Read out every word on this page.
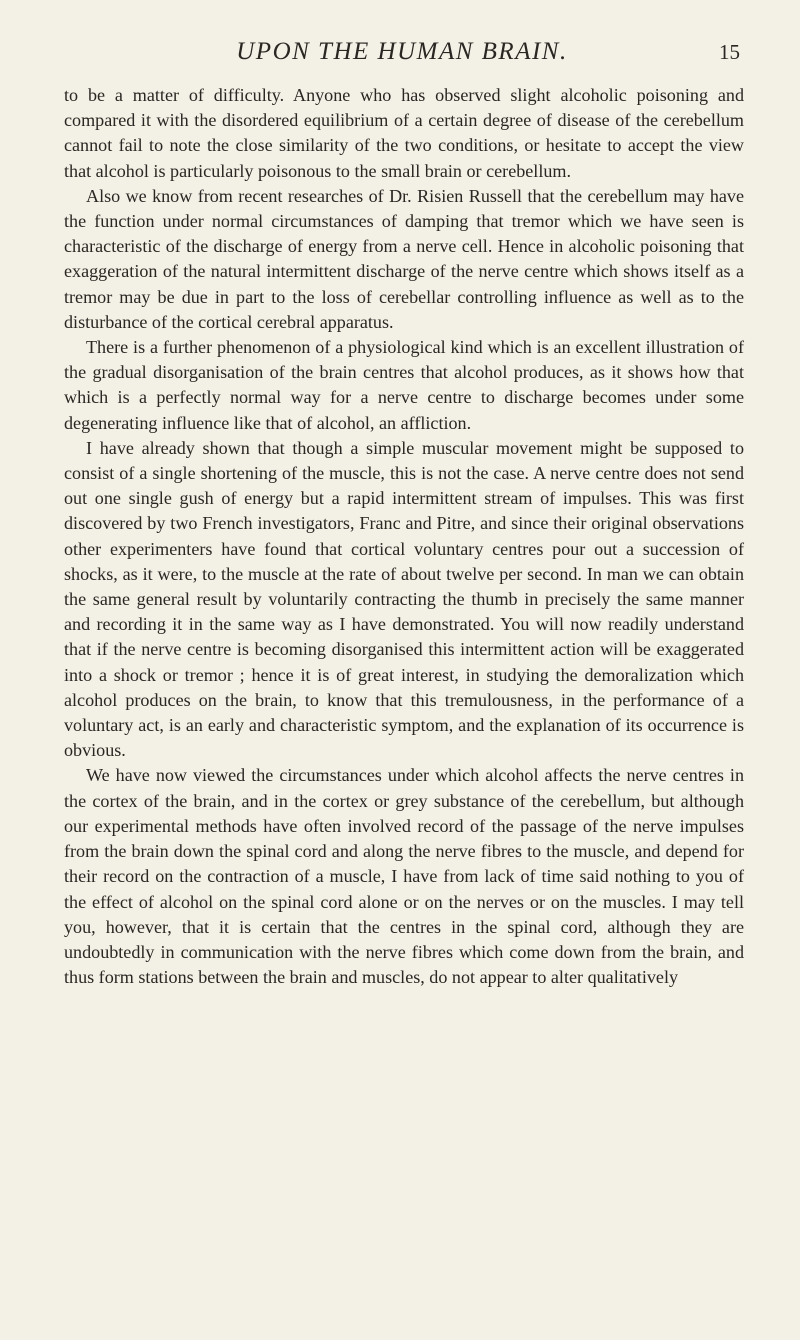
UPON THE HUMAN BRAIN.	15

to be a matter of difficulty. Anyone who has observed slight alcoholic poisoning and compared it with the disordered equilibrium of a certain degree of disease of the cerebellum cannot fail to note the close similarity of the two conditions, or hesitate to accept the view that alcohol is particularly poisonous to the small brain or cerebellum.

Also we know from recent researches of Dr. Risien Russell that the cerebellum may have the function under normal circumstances of damping that tremor which we have seen is characteristic of the discharge of energy from a nerve cell. Hence in alcoholic poisoning that exaggeration of the natural intermittent discharge of the nerve centre which shows itself as a tremor may be due in part to the loss of cerebellar controlling influence as well as to the disturbance of the cortical cerebral apparatus.

There is a further phenomenon of a physiological kind which is an excellent illustration of the gradual disorganisation of the brain centres that alcohol produces, as it shows how that which is a perfectly normal way for a nerve centre to discharge becomes under some degenerating influence like that of alcohol, an affliction.

I have already shown that though a simple muscular movement might be supposed to consist of a single shortening of the muscle, this is not the case. A nerve centre does not send out one single gush of energy but a rapid intermittent stream of impulses. This was first discovered by two French investigators, Franc and Pitre, and since their original observations other experimenters have found that cortical voluntary centres pour out a succession of shocks, as it were, to the muscle at the rate of about twelve per second. In man we can obtain the same general result by voluntarily contracting the thumb in precisely the same manner and recording it in the same way as I have demonstrated. You will now readily understand that if the nerve centre is becoming disorganised this intermittent action will be exaggerated into a shock or tremor ; hence it is of great interest, in studying the demoralization which alcohol produces on the brain, to know that this tremulousness, in the performance of a voluntary act, is an early and characteristic symptom, and the explanation of its occurrence is obvious.

We have now viewed the circumstances under which alcohol affects the nerve centres in the cortex of the brain, and in the cortex or grey substance of the cerebellum, but although our experimental methods have often involved record of the passage of the nerve impulses from the brain down the spinal cord and along the nerve fibres to the muscle, and depend for their record on the contraction of a muscle, I have from lack of time said nothing to you of the effect of alcohol on the spinal cord alone or on the nerves or on the muscles. I may tell you, however, that it is certain that the centres in the spinal cord, although they are undoubtedly in communication with the nerve fibres which come down from the brain, and thus form stations between the brain and muscles, do not appear to alter qualitatively
